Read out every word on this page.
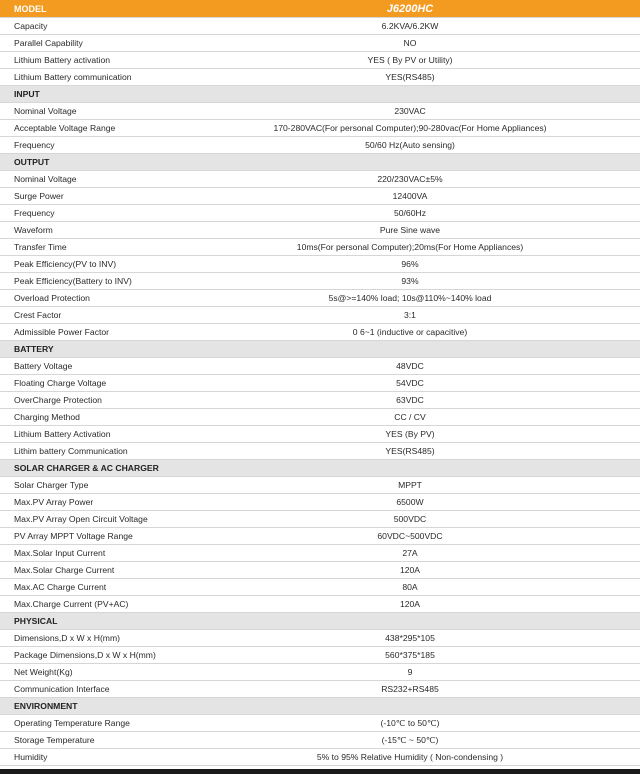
MODEL	J6200HC
Capacity	6.2KVA/6.2KW
Parallel Capability	NO
Lithium Battery activation	YES ( By PV or Utility)
Lithium Battery communication	YES(RS485)
INPUT
Nominal Voltage	230VAC
Acceptable Voltage Range	170-280VAC(For personal Computer);90-280vac(For Home Appliances)
Frequency	50/60 Hz(Auto sensing)
OUTPUT
Nominal Voltage	220/230VAC±5%
Surge Power	12400VA
Frequency	50/60Hz
Waveform	Pure Sine wave
Transfer Time	10ms(For personal Computer);20ms(For Home Appliances)
Peak Efficiency(PV to INV)	96%
Peak Efficiency(Battery to INV)	93%
Overload Protection	5s@>=140% load; 10s@110%~140% load
Crest Factor	3:1
Admissible Power Factor	0 6~1 (inductive or capacitive)
BATTERY
Battery Voltage	48VDC
Floating Charge Voltage	54VDC
OverCharge Protection	63VDC
Charging Method	CC / CV
Lithium Battery Activation	YES (By PV)
Lithim battery Communication	YES(RS485)
SOLAR CHARGER & AC CHARGER
Solar Charger Type	MPPT
Max.PV Array Power	6500W
Max.PV Array Open Circuit Voltage	500VDC
PV Array MPPT Voltage Range	60VDC~500VDC
Max.Solar Input Current	27A
Max.Solar Charge Current	120A
Max.AC Charge Current	80A
Max.Charge Current (PV+AC)	120A
PHYSICAL
Dimensions,D x W x H(mm)	438*295*105
Package Dimensions,D x W x H(mm)	560*375*185
Net Weight(Kg)	9
Communication Interface	RS232+RS485
ENVIRONMENT
Operating Temperature Range	(-10℃ to 50℃)
Storage Temperature	(-15℃ ~ 50℃)
Humidity	5% to 95% Relative Humidity ( Non-condensing )
